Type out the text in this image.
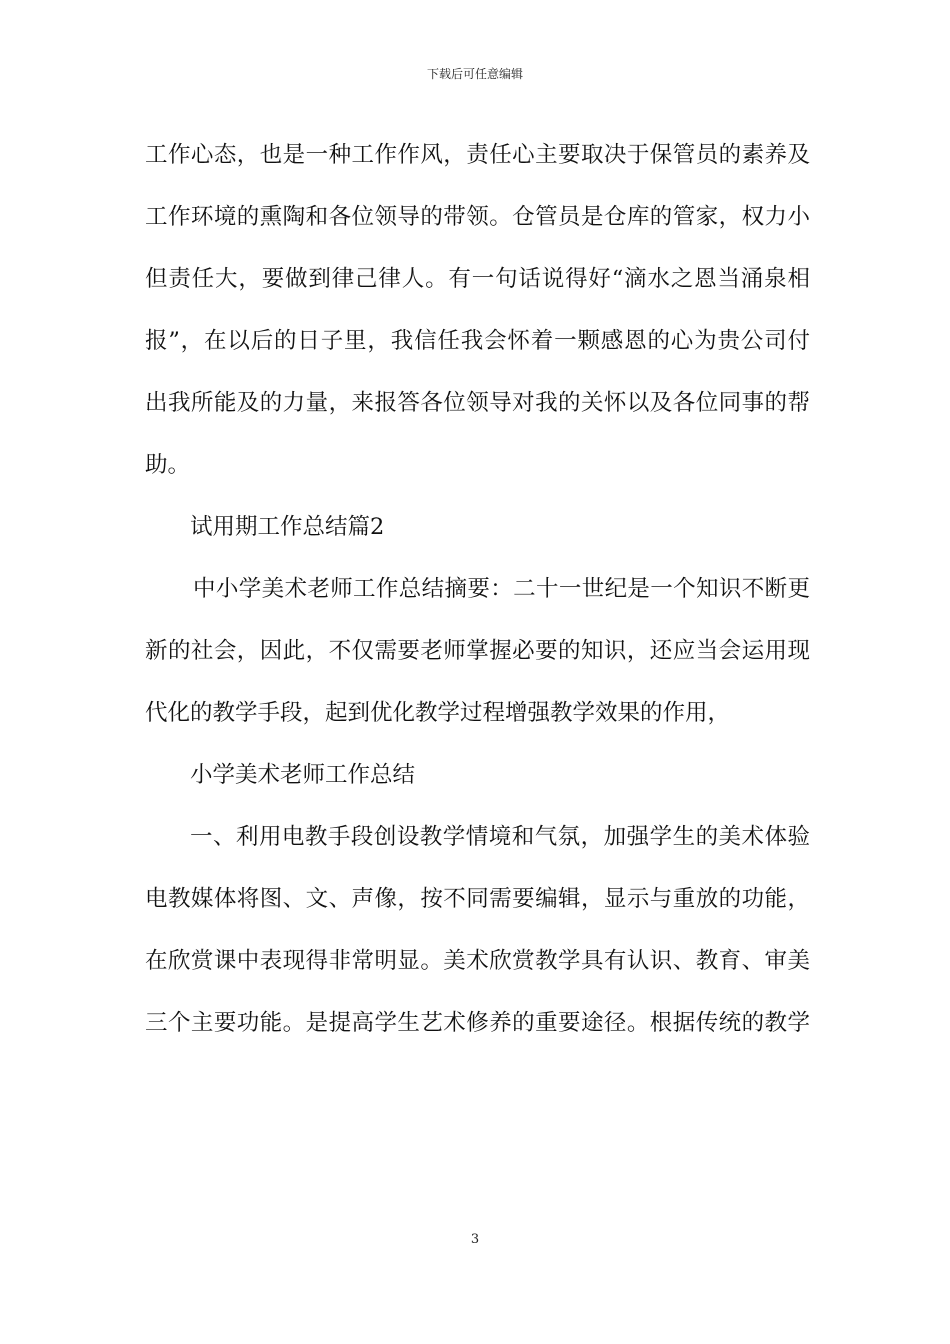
下载后可任意编辑
工作心态，也是一种工作作风，责任心主要取决于保管员的素养及
工作环境的熏陶和各位领导的带领。仓管员是仓库的管家，权力小
但责任大，要做到律己律人。有一句话说得好“滴水之恩当涌泉相
报”，在以后的日子里，我信任我会怀着一颗感恩的心为贵公司付
出我所能及的力量，来报答各位领导对我的关怀以及各位同事的帮
助。
试用期工作总结篇2
中小学美术老师工作总结摘要：二十一世纪是一个知识不断更
新的社会，因此，不仅需要老师掌握必要的知识，还应当会运用现
代化的教学手段，起到优化教学过程增强教学效果的作用，
小学美术老师工作总结
一、利用电教手段创设教学情境和气氛，加强学生的美术体验
电教媒体将图、文、声像，按不同需要编辑，显示与重放的功能，
在欣赏课中表现得非常明显。美术欣赏教学具有认识、教育、审美
三个主要功能。是提高学生艺术修养的重要途径。根据传统的教学
3
